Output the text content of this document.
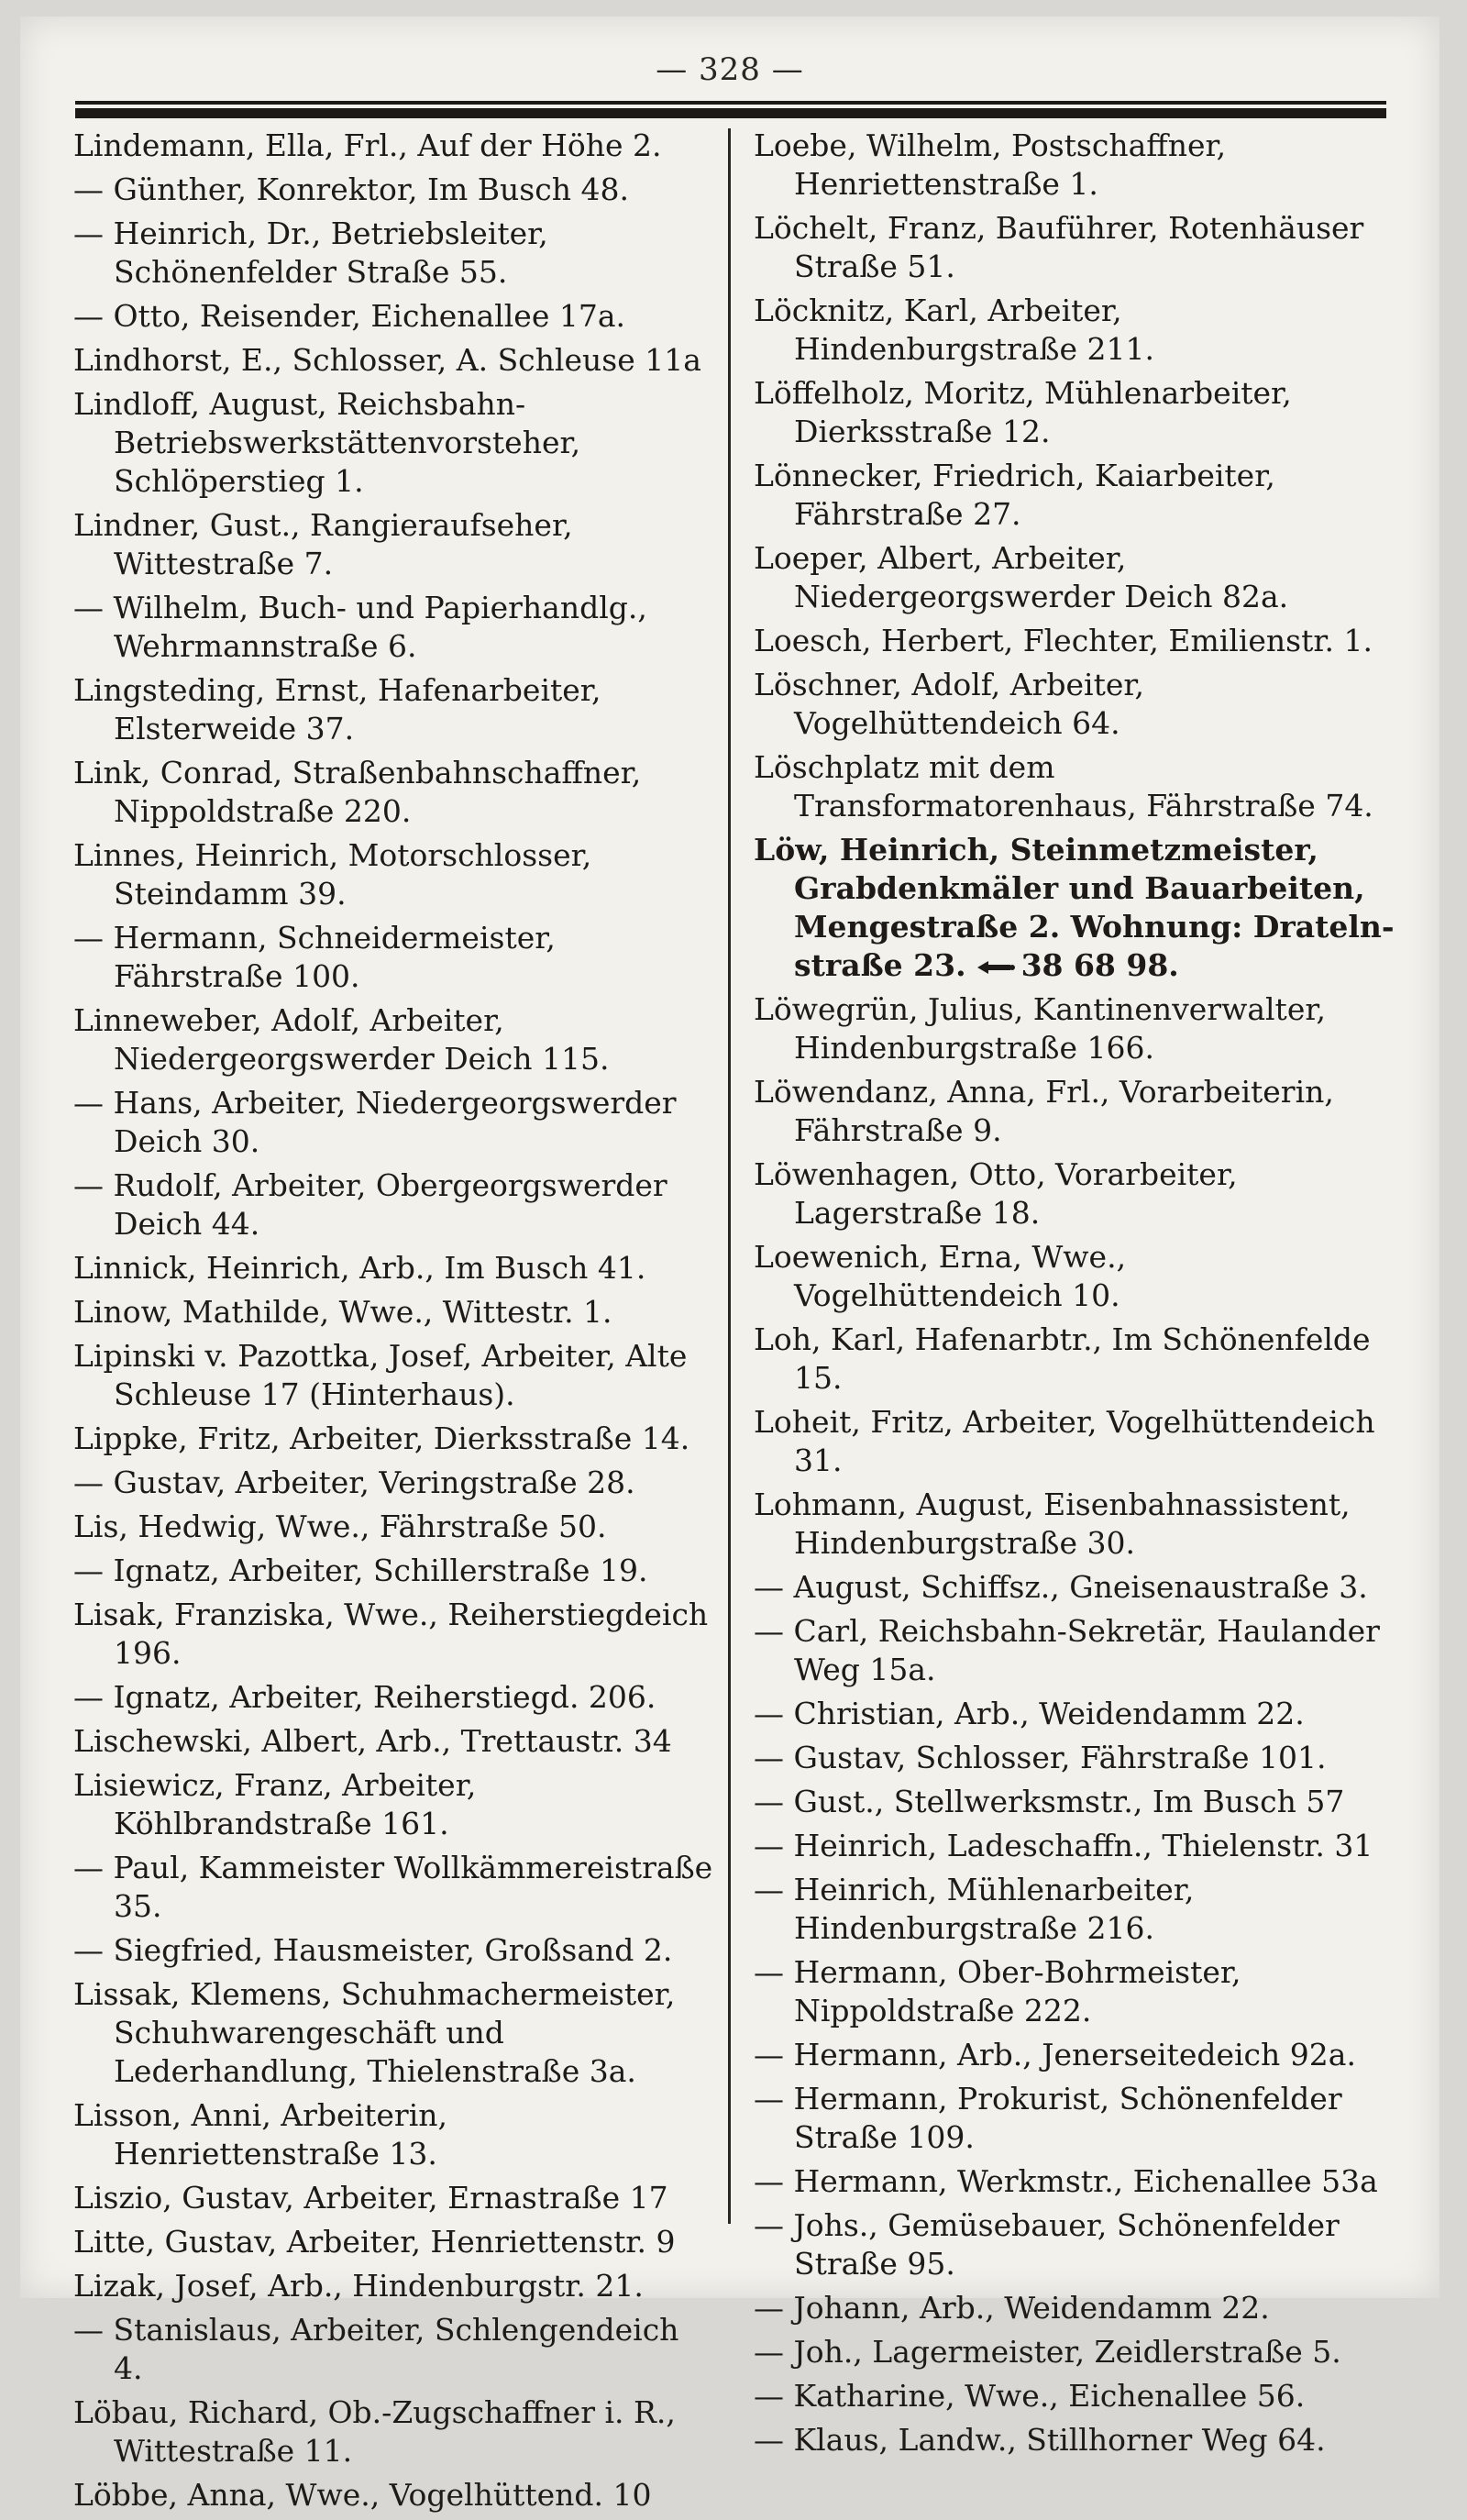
— 328 —
Lindemann, Ella, Frl., Auf der Höhe 2.
— Günther, Konrektor, Im Busch 48.
— Heinrich, Dr., Betriebsleiter, Schönenfelder Straße 55.
— Otto, Reisender, Eichenallee 17a.
Lindhorst, E., Schlosser, A. Schleuse 11a
Lindloff, August, Reichsbahn-Betriebswerkstättenvorsteher, Schlöperstieg 1.
Lindner, Gust., Rangieraufseher, Wittestraße 7.
— Wilhelm, Buch- und Papierhandlg., Wehrmannstraße 6.
Lingsteding, Ernst, Hafenarbeiter, Elsterweide 37.
Link, Conrad, Straßenbahnschaffner, Nippoldstraße 220.
Linnes, Heinrich, Motorschlosser, Steindamm 39.
— Hermann, Schneidermeister, Fährstraße 100.
Linneweber, Adolf, Arbeiter, Niedergeorgswerder Deich 115.
— Hans, Arbeiter, Niedergeorgswerder Deich 30.
— Rudolf, Arbeiter, Obergeorgswerder Deich 44.
Linnick, Heinrich, Arb., Im Busch 41.
Linow, Mathilde, Wwe., Wittestr. 1.
Lipinski v. Pazottka, Josef, Arbeiter, Alte Schleuse 17 (Hinterhaus).
Lippke, Fritz, Arbeiter, Dierksstraße 14.
— Gustav, Arbeiter, Veringstraße 28.
Lis, Hedwig, Wwe., Fährstraße 50.
— Ignatz, Arbeiter, Schillerstraße 19.
Lisak, Franziska, Wwe., Reiherstiegdeich 196.
— Ignatz, Arbeiter, Reiherstiegd. 206.
Lischewski, Albert, Arb., Trettaustr. 34
Lisiewicz, Franz, Arbeiter, Köhlbrandstraße 161.
— Paul, Kammeister Wollkämmereistraße 35.
— Siegfried, Hausmeister, Großsand 2.
Lissak, Klemens, Schuhmachermeister, Schuhwarengeschäft und Lederhandlung, Thielenstraße 3a.
Lisson, Anni, Arbeiterin, Henriettenstraße 13.
Liszio, Gustav, Arbeiter, Ernastraße 17
Litte, Gustav, Arbeiter, Henriettenstr. 9
Lizak, Josef, Arb., Hindenburgstr. 21.
— Stanislaus, Arbeiter, Schlengendeich 4.
Löbau, Richard, Ob.-Zugschaffner i. R., Wittestraße 11.
Löbbe, Anna, Wwe., Vogelhüttend. 10
Loebe, Wilhelm, Postschaffner, Henriettenstraße 1.
Löchelt, Franz, Bauführer, Rotenhäuser Straße 51.
Löcknitz, Karl, Arbeiter, Hindenburgstraße 211.
Löffelholz, Moritz, Mühlenarbeiter, Dierksstraße 12.
Lönnecker, Friedrich, Kaiarbeiter, Fährstraße 27.
Loeper, Albert, Arbeiter, Niedergeorgswerder Deich 82a.
Loesch, Herbert, Flechter, Emilienstr. 1.
Löschner, Adolf, Arbeiter, Vogelhüttendeich 64.
Löschplatz mit dem Transformatorenhaus, Fährstraße 74.
Löw, Heinrich, Steinmetzmeister, Grabdenkmäler und Bauarbeiten, Mengestraße 2. Wohnung: Drateln-straße 23. 38 68 98.
Löwegrün, Julius, Kantinenverwalter, Hindenburgstraße 166.
Löwendanz, Anna, Frl., Vorarbeiterin, Fährstraße 9.
Löwenhagen, Otto, Vorarbeiter, Lagerstraße 18.
Loewenich, Erna, Wwe., Vogelhüttendeich 10.
Loh, Karl, Hafenarbtr., Im Schönenfelde 15.
Loheit, Fritz, Arbeiter, Vogelhüttendeich 31.
Lohmann, August, Eisenbahnassistent, Hindenburgstraße 30.
— August, Schiffsz., Gneisenaustraße 3.
— Carl, Reichsbahn-Sekretär, Haulander Weg 15a.
— Christian, Arb., Weidendamm 22.
— Gustav, Schlosser, Fährstraße 101.
— Gust., Stellwerksmstr., Im Busch 57
— Heinrich, Ladeschaffn., Thielenstr. 31
— Heinrich, Mühlenarbeiter, Hindenburgstraße 216.
— Hermann, Ober-Bohrmeister, Nippoldstraße 222.
— Hermann, Arb., Jenerseitedeich 92a.
— Hermann, Prokurist, Schönenfelder Straße 109.
— Hermann, Werkmstr., Eichenallee 53a
— Johs., Gemüsebauer, Schönenfelder Straße 95.
— Johann, Arb., Weidendamm 22.
— Joh., Lagermeister, Zeidlerstraße 5.
— Katharine, Wwe., Eichenallee 56.
— Klaus, Landw., Stillhorner Weg 64.
